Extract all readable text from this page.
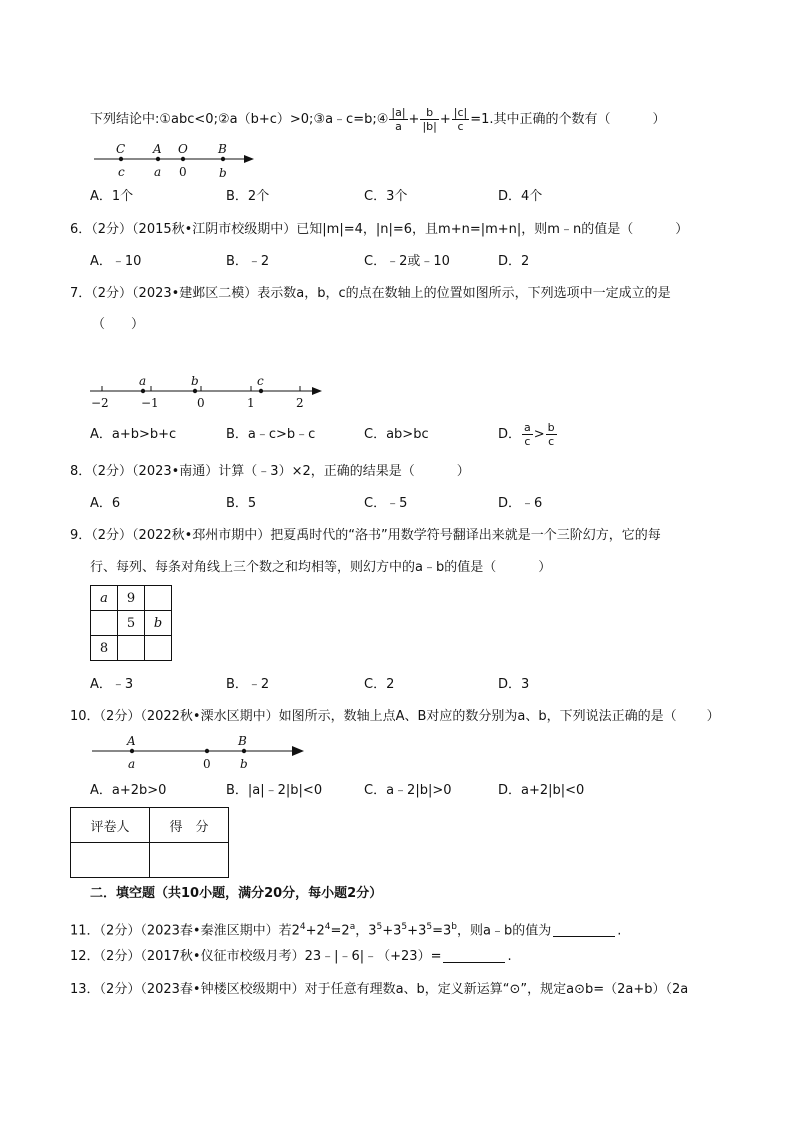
下列结论中:①abc<0;②a（b+c）>0;③a﹣c=b;④ $\frac{|a|}{a} + \frac{b}{|b|} + \frac{|c|}{c} =1$.其中正确的个数有（	）
C
c
A
a
O
0
B
b
A．1个	B．2个	C．3个	D．4个
6．（2分）（2015秋•江阴市校级期中）已知|m|=4，|n|=6，且m+n=|m+n|，则m﹣n的值是（	）
A．﹣10	B．﹣2	C．﹣2或﹣10	D．2
7．（2分）（2023•建邺区二模）表示数a，b，c的点在数轴上的位置如图所示，下列选项中一定成立的是
（　　）
a	b	c
−2	−1	0	1	2
A．a+b>b+c	B．a﹣c>b﹣c	C．ab>bc	D． $\frac{a}{c} > \frac{b}{c}$
8．（2分）（2023•南通）计算（﹣3）×2，正确的结果是（	）
A．6	B．5	C．﹣5	D．﹣6
9．（2分）（2022秋•邳州市期中）把夏禹时代的“洛书”用数学符号翻译出来就是一个三阶幻方，它的每
行、每列、每条对角线上三个数之和均相等，则幻方中的a﹣b的值是（	）
a	9	
	5	b
8		
A．﹣3	B．﹣2	C．2	D．3
10．（2分）（2022秋•溧水区期中）如图所示，数轴上点A、B对应的数分别为a、b，下列说法正确的是（ ）
A
a	0
B
b
A．a+2b>0	B．|a|﹣2|b|<0	C．a﹣2|b|>0	D．a+2|b|<0
评卷人	得　分

二．填空题（共10小题，满分20分，每小题2分）
11．（2分）（2023春•秦淮区期中）若$2^4+2^4=2^a$，$3^5+3^5+3^5=3^b$，则a﹣b的值为	.
12．（2分）（2017秋•仪征市校级月考）23﹣|﹣6|﹣（+23）=	.
13．（2分）（2023春•钟楼区校级期中）对于任意有理数a、b，定义新运算“⊙”，规定a⊙b=（2a+b）（2a
